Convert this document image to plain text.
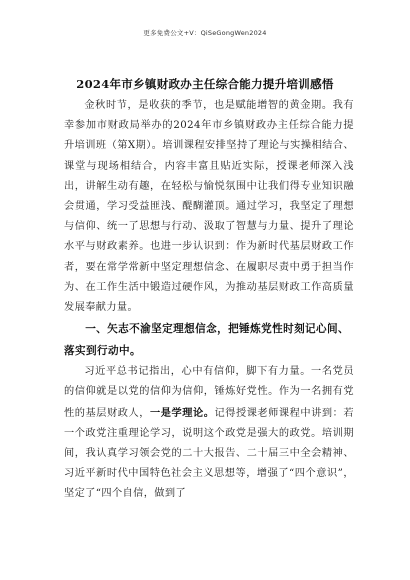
更多免费公文+V：QiSeGongWen2024
2024年市乡镇财政办主任综合能力提升培训感悟

金秋时节，是收获的季节，也是赋能增智的黄金期。我有幸参加市财政局举办的2024年市乡镇财政办主任综合能力提升培训班（第X期）。培训课程安排坚持了理论与实操相结合、课堂与现场相结合，内容丰富且贴近实际，授课老师深入浅出，讲解生动有趣，在轻松与愉悦氛围中让我们得专业知识融会贯通，学习受益匪浅、醍醐灌顶。通过学习，我坚定了理想与信仰、统一了思想与行动、汲取了智慧与力量、提升了理论水平与财政素养。也进一步认识到：作为新时代基层财政工作者，要在常学常新中坚定理想信念、在履职尽责中勇于担当作为、在工作生活中锻造过硬作风，为推动基层财政工作高质量发展奉献力量。

一、矢志不渝坚定理想信念，把锤炼党性时刻记心间、落实到行动中。

习近平总书记指出，心中有信仰，脚下有力量。一名党员的信仰就是以党的信仰为信仰，锤炼好党性。作为一名拥有党性的基层财政人，一是学理论。记得授课老师课程中讲到：若一个政党注重理论学习，说明这个政党是强大的政党。培训期间，我认真学习领会党的二十大报告、二十届三中全会精神、习近平新时代中国特色社会主义思想等，增强了“四个意识”，坚定了“四个自信，做到了
